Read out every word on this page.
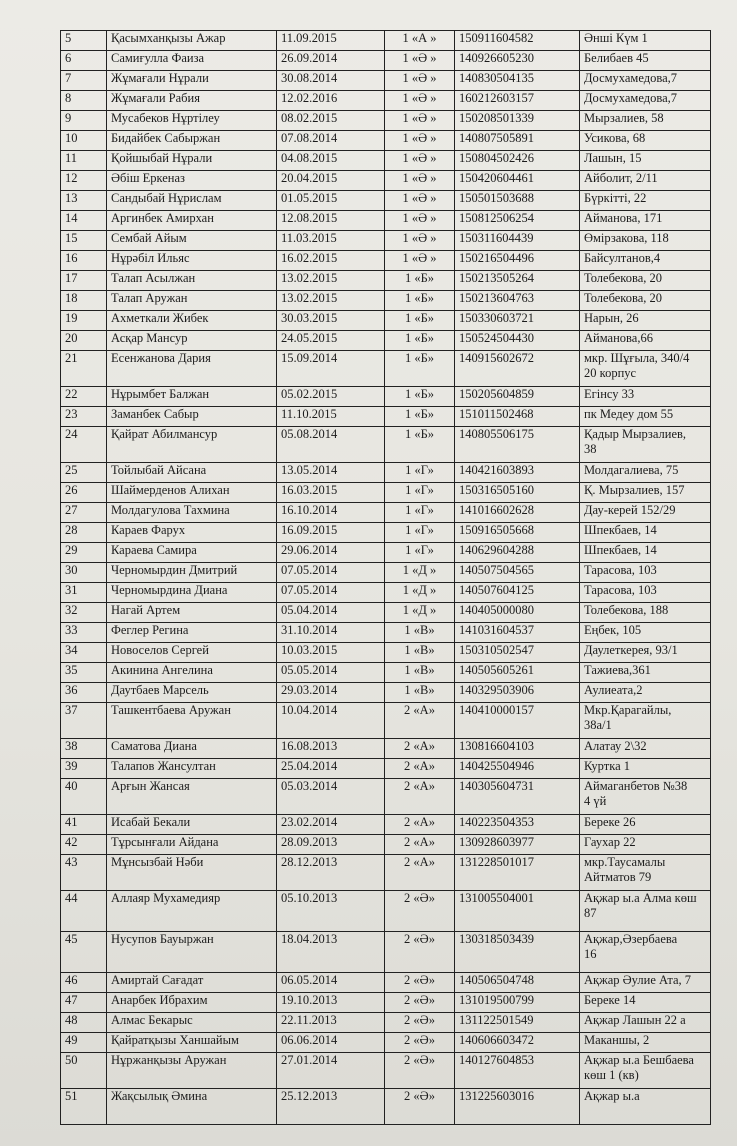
5	Қасымханқызы Ажар	11.09.2015	1 «А »	150911604582	Әнші Күм 1

6	Самиғулла Фаиза	26.09.2014	1 «Ә »	140926605230	Белибаев 45

7	Жұмағали Нұрали	30.08.2014	1 «Ә »	140830504135	Досмухамедова,7

8	Жұмағали Рабия	12.02.2016	1 «Ә »	160212603157	Досмухамедова,7

9	Мусабеков Нұртілеу	08.02.2015	1 «Ә »	150208501339	Мырзалиев, 58

10	Бидайбек Сабыржан	07.08.2014	1 «Ә »	140807505891	Усикова, 68

11	Қойшыбай Нұрали	04.08.2015	1 «Ә »	150804502426	Лашын, 15

12	Әбіш Еркеназ	20.04.2015	1 «Ә »	150420604461	Айболит, 2/11

13	Сандыбай Нұрислам	01.05.2015	1 «Ә »	150501503688	Бүркітті, 22

14	Аргинбек Амирхан	12.08.2015	1 «Ә »	150812506254	Айманова, 171

15	Сембай Айым	11.03.2015	1 «Ә »	150311604439	Өмірзакова, 118

16	Нұрәбіл Ильяс	16.02.2015	1 «Ә »	150216504496	Байсултанов,4

17	Талап Асылжан	13.02.2015	1 «Б»	150213505264	Толебекова, 20

18	Талап Аружан	13.02.2015	1 «Б»	150213604763	Толебекова, 20

19	Ахметкали Жибек	30.03.2015	1 «Б»	150330603721	Нарын, 26

20	Асқар Мансур	24.05.2015	1 «Б»	150524504430	Айманова,66

21	Есенжанова Дария	15.09.2014	1 «Б»	140915602672	мкр. Шұғыла, 340/4
20 корпус

22	Нұрымбет Балжан	05.02.2015	1 «Б»	150205604859	Егінсу 33

23	Заманбек Сабыр	11.10.2015	1 «Б»	151011502468	пк Медеу дом 55

24	Қайрат Абилмансур	05.08.2014	1 «Б»	140805506175	Қадыр Мырзалиев,
38

25	Тойлыбай Айсана	13.05.2014	1 «Г»	140421603893	Молдагалиева, 75

26	Шаймерденов Алихан	16.03.2015	1 «Г»	150316505160	Қ. Мырзалиев, 157

27	Молдагулова Тахмина	16.10.2014	1 «Г»	141016602628	Дау-керей 152/29

28	Караев Фарух	16.09.2015	1 «Г»	150916505668	Шпекбаев, 14

29	Караева Самира	29.06.2014	1 «Г»	140629604288	Шпекбаев, 14

30	Черномырдин Дмитрий	07.05.2014	1 «Д »	140507504565	Тарасова, 103

31	Черномырдина Диана	07.05.2014	1 «Д »	140507604125	Тарасова, 103

32	Нагай Артем	05.04.2014	1 «Д »	140405000080	Толебекова, 188

33	Феглер Регина	31.10.2014	1 «В»	141031604537	Еңбек, 105

34	Новоселов Сергей	10.03.2015	1 «В»	150310502547	Даулеткерея, 93/1

35	Акинина Ангелина	05.05.2014	1 «В»	140505605261	Тажиева,361

36	Даутбаев Марсель	29.03.2014	1 «В»	140329503906	Аулиеата,2

37	Ташкентбаева Аружан	10.04.2014	2 «А»	140410000157	Мкр.Қарагайлы,
38а/1

38	Саматова Диана	16.08.2013	2 «А»	130816604103	Алатау 2\32

39	Талапов Жансултан	25.04.2014	2 «А»	140425504946	Куртка 1

40	Арғын Жансая	05.03.2014	2 «А»	140305604731	Аймаганбетов №38
4 үй

41	Исабай Бекали	23.02.2014	2 «А»	140223504353	Береке 26

42	Тұрсынғали Айдана	28.09.2013	2 «А»	130928603977	Гаухар 22

43	Мұнсызбай Нәби	28.12.2013	2 «А»	131228501017	мкр.Таусамалы
Айтматов 79

44	Аллаяр Мухамедияр	05.10.2013	2 «Ә»	131005504001	Ақжар ы.а Алма көш
87

45	Нусупов Бауыржан	18.04.2013	2 «Ә»	130318503439	Ақжар,Әзербаева
16

46	Амиртай Сағадат	06.05.2014	2 «Ә»	140506504748	Ақжар Әулие Ата, 7

47	Анарбек Ибрахим	19.10.2013	2 «Ә»	131019500799	Береке 14

48	Алмас Бекарыс	22.11.2013	2 «Ә»	131122501549	Ақжар Лашын 22 а

49	Қайратқызы Ханшайым	06.06.2014	2 «Ә»	140606603472	Маканшы, 2

50	Нұржанқызы Аружан	27.01.2014	2 «Ә»	140127604853	Ақжар ы.а Бешбаева
көш 1 (кв)

51	Жақсылық Әмина	25.12.2013	2 «Ә»	131225603016	Ақжар ы.а
